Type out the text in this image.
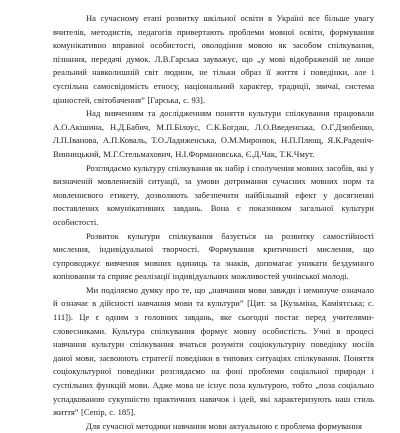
На сучасному етапі розвитку шкільної освіти в Україні все більше увагу вчителів, методистів, педагогів привертають проблеми мовної освіти, формування комунікативно вправної особистості, оволодіння мовою як засобом спілкування, пізнання, передачі думок. Л.В.Гарська зауважує, що „у мові відображеній не лише реальний навколишній світ людини, не тільки образ її життя і поведінки, але і суспільна самосвідомість етносу, національний характер, традиції, звичаї, система цінностей, світобачення” [Гарська, с. 93].

Над вивченням та дослідженням поняття культури спілкування працювали А.О.Акішина, Н.Д.Бабич, М.П.Білоус, С.К.Богдан, Л.О.Введенська, О.Г.Дзюбенко, Л.П.Іванова, А.П.Коваль, Т.О.Ладиженська, О.М.Миронюк, Н.П.Плющ, Я.К.Раденіч-Винницький, М.Г.Стельмахович, Н.І.Формановська, Є.Д.Чак, Т.К.Чмут.

Розглядаємо культуру спілкування як набір і сполучення мовних засобів, які у визначеній мовленнєвій ситуації, за умови дотримання сучасних мовних норм та мовленнєвого етикету, дозволяють забезпечити найбільший ефект у досягненні поставлених комунікативних завдань. Вона є показником загальної культури особистості.

Розвиток культури спілкування базується на розвитку самостійності мислення, індивідуальної творчості. Формування критичності мислення, що супроводжує вивчення мовних одиниць та знаків, допомагає уникати бездумного копіювання та сприяє реалізації індивідуальних можливостей учнівської молоді.

Ми поділяємо думку про те, що „навчання мови завжди і неминуче означало й означає в дійсності навчання мови та культури” [Цит. за [Кузьміна, Каміятська; с. 111]). Це є одним з головних завдань, яке сьогодні постає перед учителями-словесниками. Культура спілкування формує мовну особистість. Учні в процесі навчання культури спілкування вчаться розуміти соціокультурну поведінку носіїв даної мови, засвоюють стратегії поведінки в типових ситуаціях спілкування. Поняття соціокультурної поведінки розглядаємо на фоні проблеми соціальної природи і суспільних функцій мови. Адже мова не існує поза культурою, тобто „поза соціально успадкованою сукупністю практичних навичок і ідей, які характеризують наш стиль життя” [Сепір, с. 185].

Для сучасної методики навчання мови актуальною є проблема формування
